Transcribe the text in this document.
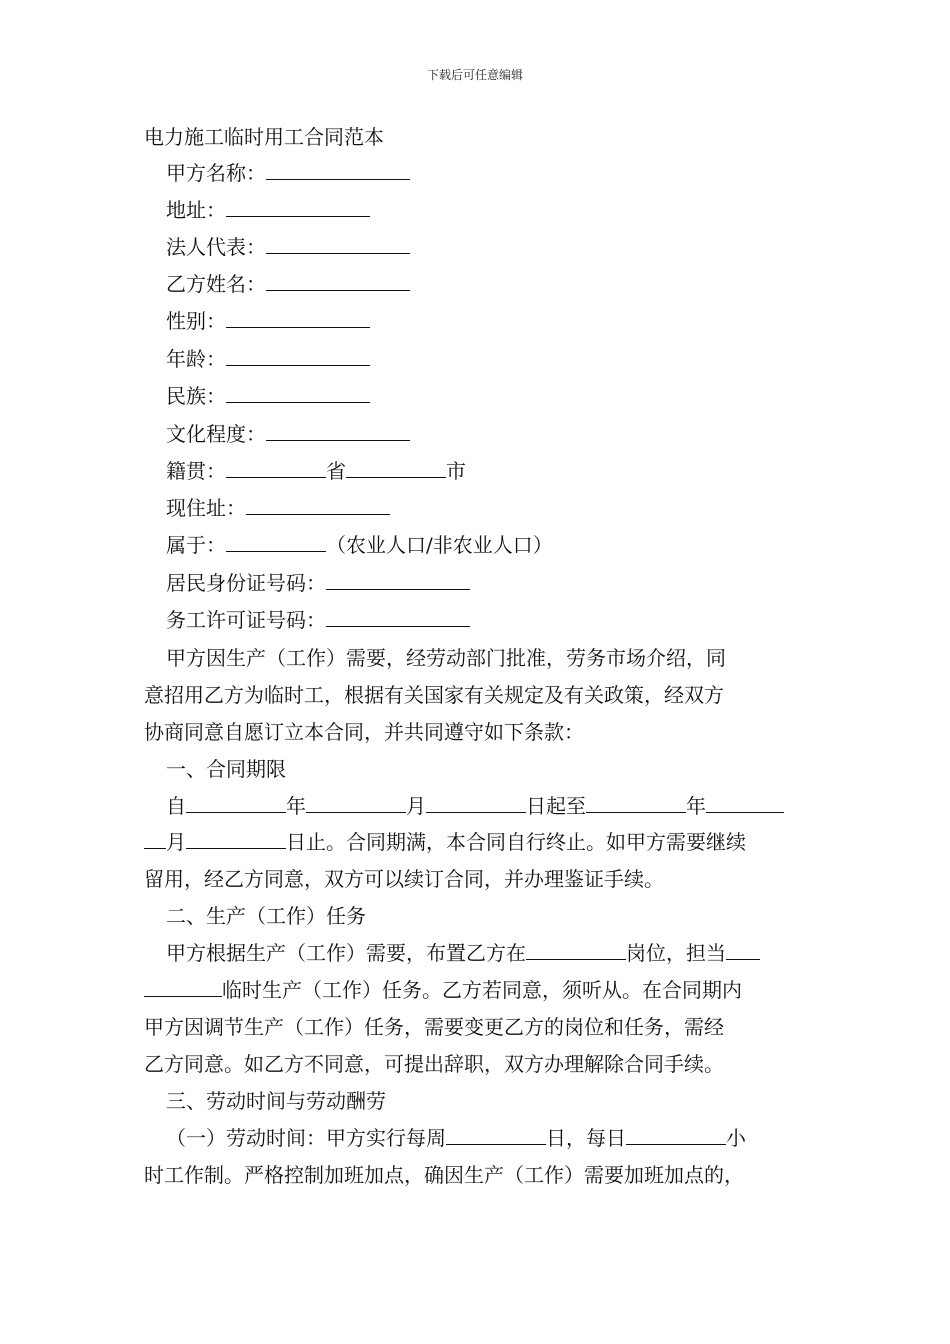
下载后可任意编辑
电力施工临时用工合同范本
甲方名称：
地址：
法人代表：
乙方姓名：
性别：
年龄：
民族：
文化程度：
籍贯：	省	市
现住址：
属于：	（农业人口/非农业人口）
居民身份证号码：
务工许可证号码：
甲方因生产（工作）需要，经劳动部门批准，劳务市场介绍，同
意招用乙方为临时工，根据有关国家有关规定及有关政策，经双方
协商同意自愿订立本合同，并共同遵守如下条款：
一、合同期限
自	年	月	日起至	年
月	日止。合同期满，本合同自行终止。如甲方需要继续
留用，经乙方同意，双方可以续订合同，并办理鉴证手续。
二、生产（工作）任务
甲方根据生产（工作）需要，布置乙方在	岗位，担当
临时生产（工作）任务。乙方若同意，须听从。在合同期内
甲方因调节生产（工作）任务，需要变更乙方的岗位和任务，需经
乙方同意。如乙方不同意，可提出辞职，双方办理解除合同手续。
三、劳动时间与劳动酬劳
（一）劳动时间：甲方实行每周	日，每日	小
时工作制。严格控制加班加点，确因生产（工作）需要加班加点的，
